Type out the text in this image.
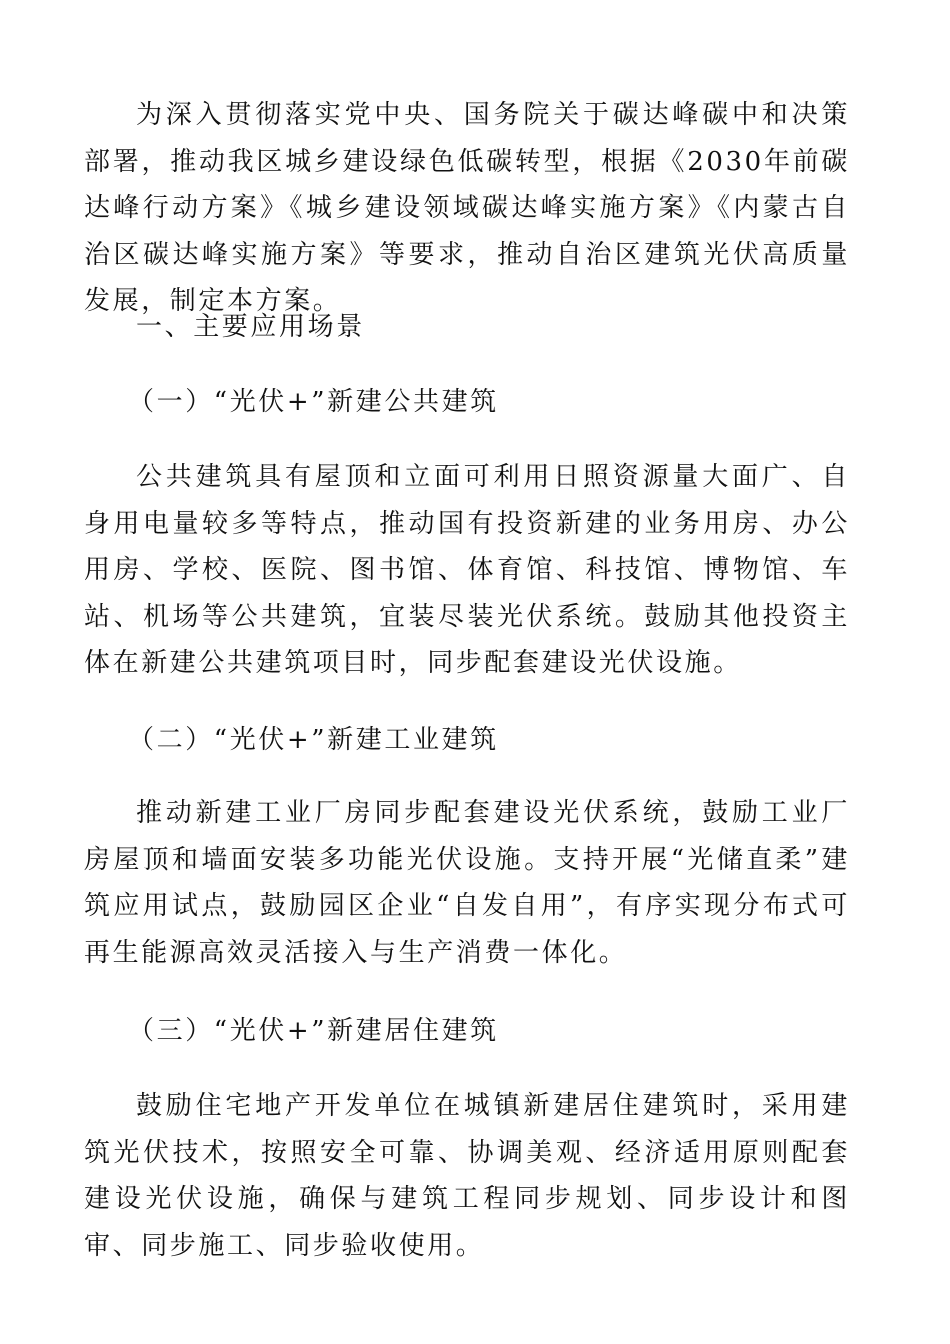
为深入贯彻落实党中央、国务院关于碳达峰碳中和决策部署，推动我区城乡建设绿色低碳转型，根据《2030年前碳达峰行动方案》《城乡建设领域碳达峰实施方案》《内蒙古自治区碳达峰实施方案》等要求，推动自治区建筑光伏高质量发展，制定本方案。

一、主要应用场景

（一）“光伏+”新建公共建筑

公共建筑具有屋顶和立面可利用日照资源量大面广、自身用电量较多等特点，推动国有投资新建的业务用房、办公用房、学校、医院、图书馆、体育馆、科技馆、博物馆、车站、机场等公共建筑，宜装尽装光伏系统。鼓励其他投资主体在新建公共建筑项目时，同步配套建设光伏设施。

（二）“光伏+”新建工业建筑

推动新建工业厂房同步配套建设光伏系统，鼓励工业厂房屋顶和墙面安装多功能光伏设施。支持开展“光储直柔”建筑应用试点，鼓励园区企业“自发自用”，有序实现分布式可再生能源高效灵活接入与生产消费一体化。

（三）“光伏+”新建居住建筑

鼓励住宅地产开发单位在城镇新建居住建筑时，采用建筑光伏技术，按照安全可靠、协调美观、经济适用原则配套建设光伏设施，确保与建筑工程同步规划、同步设计和图审、同步施工、同步验收使用。
